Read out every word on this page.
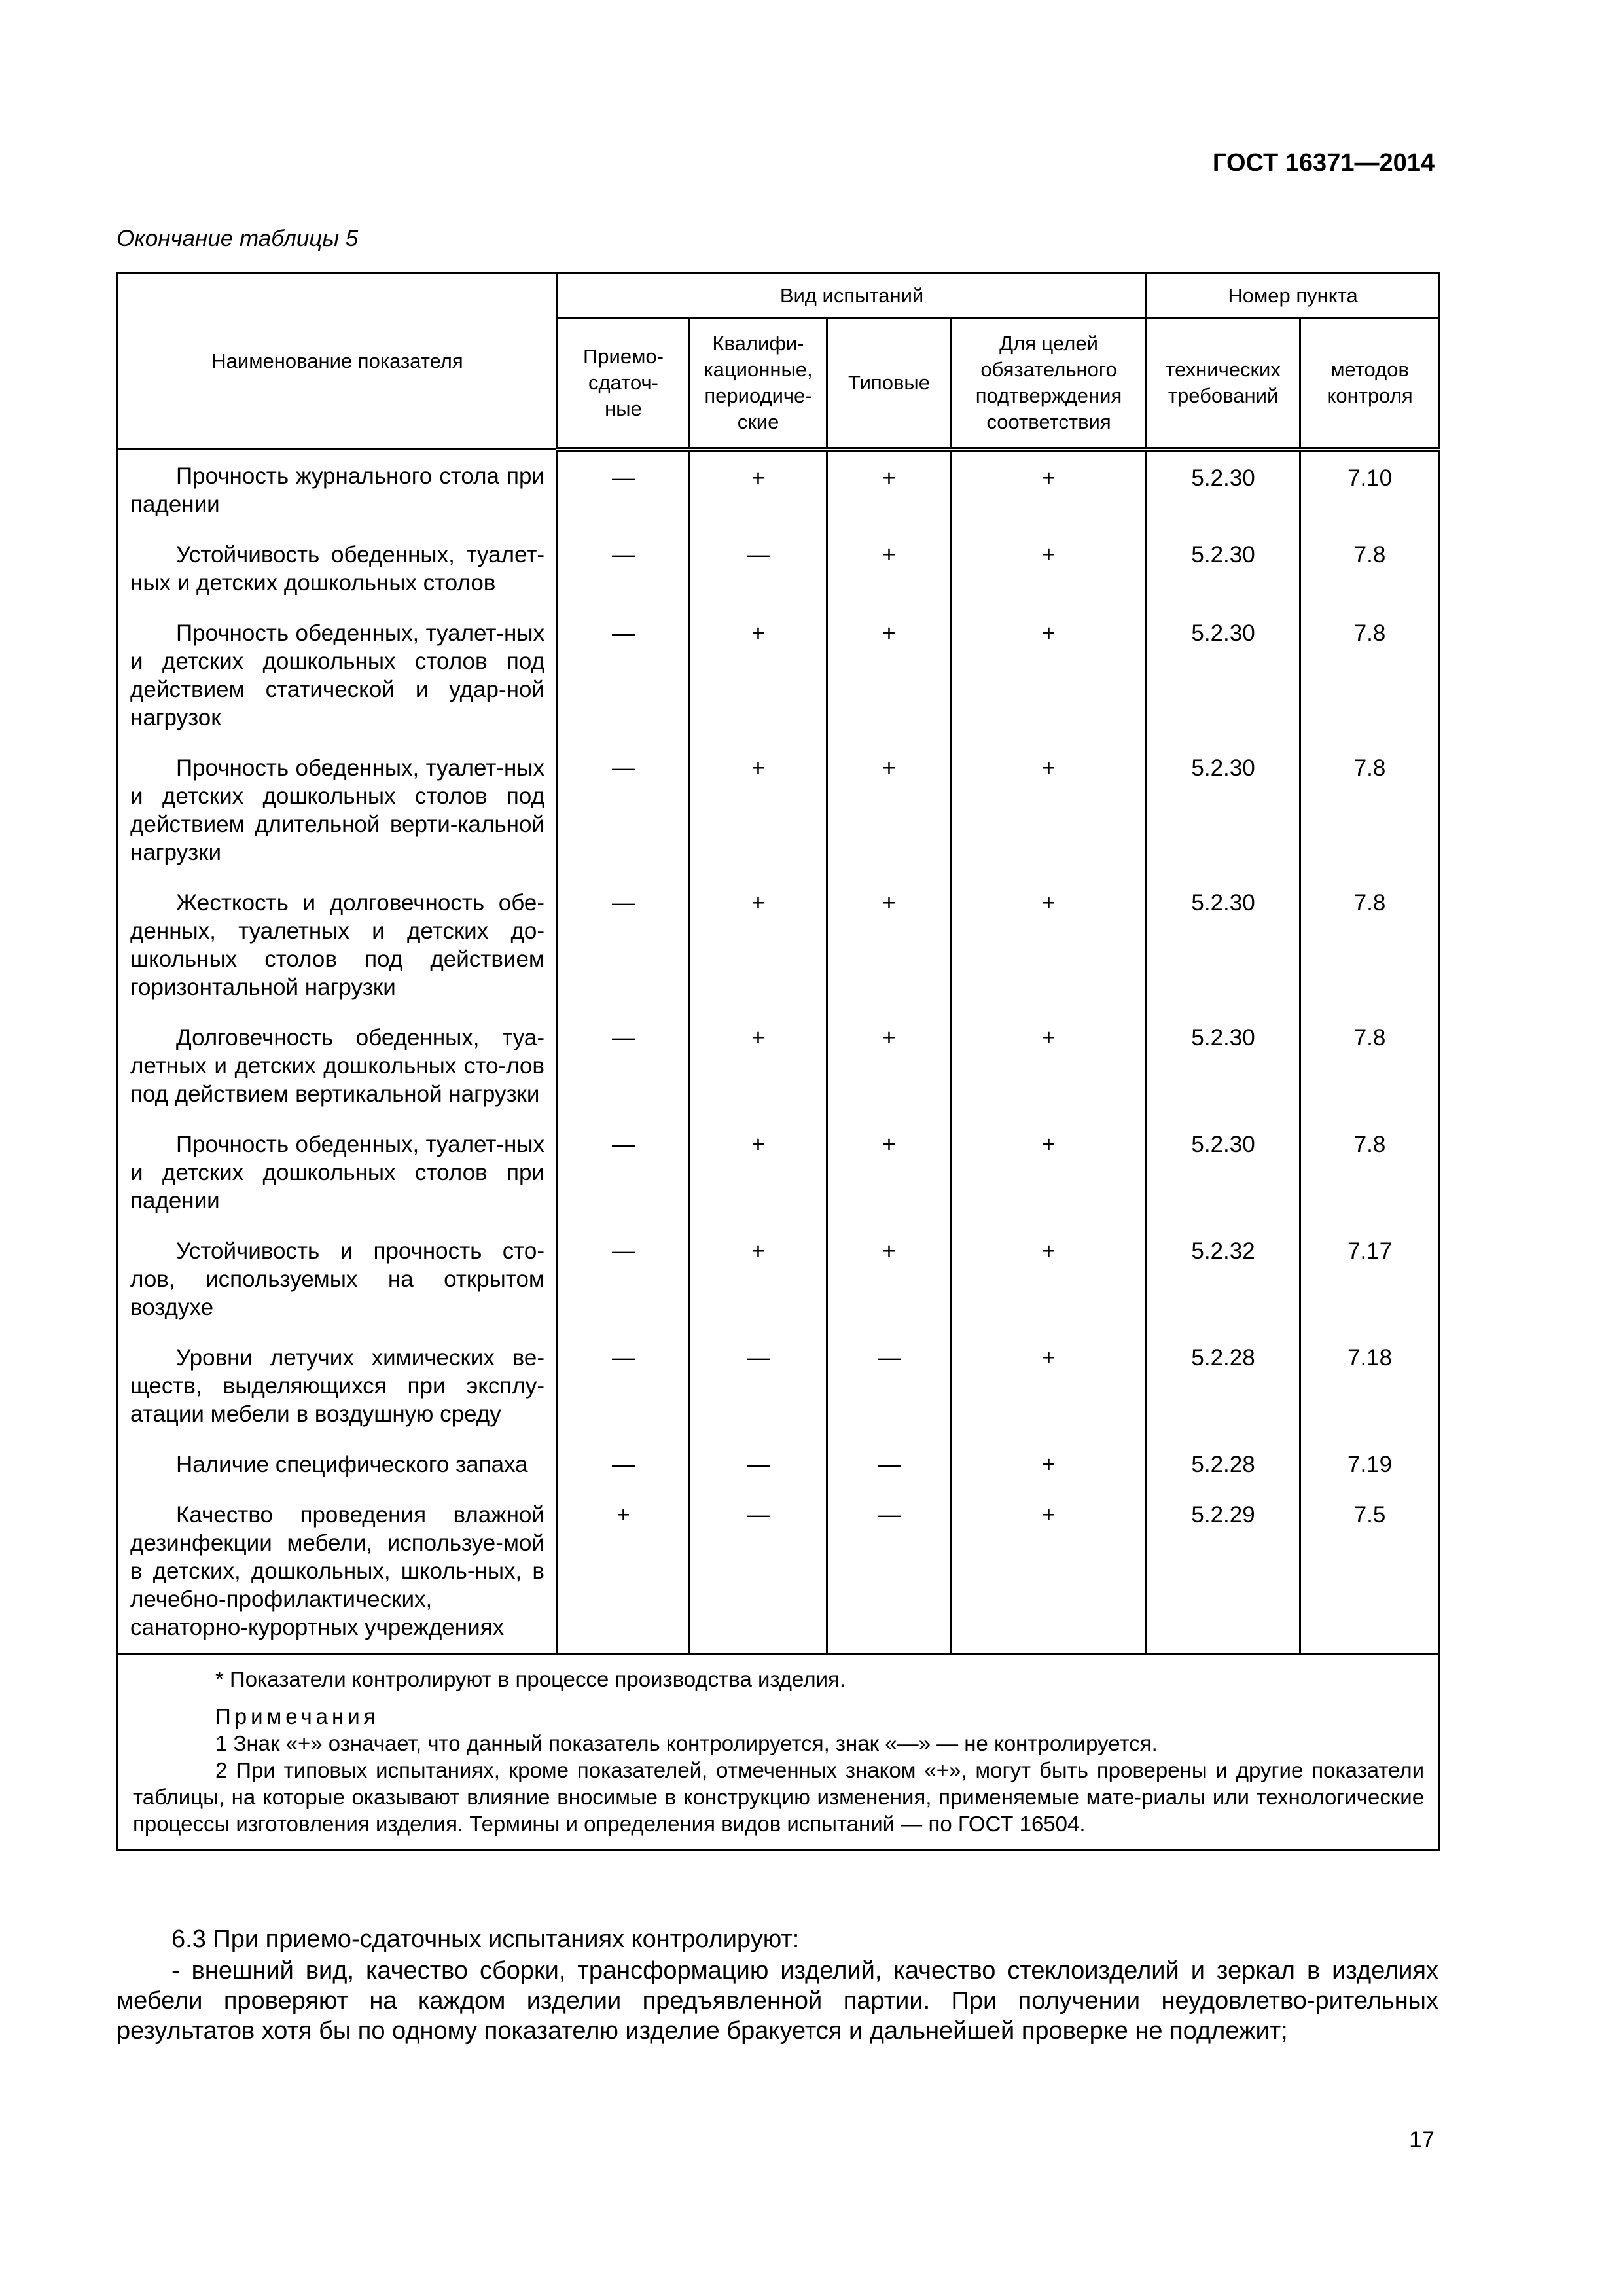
ГОСТ 16371—2014
Окончание таблицы 5
Наименование показателя	Вид испытаний				Номер пункта	
	Приемо-сдаточ-ные	Квалифи-кационные, периодиче-ские	Типовые	Для целей обязательного подтверждения соответствия	технических требований	методов контроля

Прочность журнального стола при падении	—	+	+	+	5.2.30	7.10

Устойчивость обеденных, туалет-ных и детских дошкольных столов	—	—	+	+	5.2.30	7.8

Прочность обеденных, туалет-ных и детских дошкольных столов под действием статической и удар-ной нагрузок	—	+	+	+	5.2.30	7.8

Прочность обеденных, туалет-ных и детских дошкольных столов под действием длительной верти-кальной нагрузки	—	+	+	+	5.2.30	7.8

Жесткость и долговечность обе-денных, туалетных и детских до-школьных столов под действием горизонтальной нагрузки	—	+	+	+	5.2.30	7.8

Долговечность обеденных, туа-летных и детских дошкольных сто-лов под действием вертикальной нагрузки	—	+	+	+	5.2.30	7.8

Прочность обеденных, туалет-ных и детских дошкольных столов при падении	—	+	+	+	5.2.30	7.8

Устойчивость и прочность сто-лов, используемых на открытом воздухе	—	+	+	+	5.2.32	7.17

Уровни летучих химических ве-ществ, выделяющихся при эксплу-атации мебели в воздушную среду	—	—	—	+	5.2.28	7.18

Наличие специфического запаха	—	—	—	+	5.2.28	7.19

Качество проведения влажной дезинфекции мебели, используе-мой в детских, дошкольных, школь-ных, в лечебно-профилактических, санаторно-курортных учреждениях	+	—	—	+	5.2.29	7.5

* Показатели контролируют в процессе производства изделия.
Примечания
1 Знак «+» означает, что данный показатель контролируется, знак «—» — не контролируется.
2 При типовых испытаниях, кроме показателей, отмеченных знаком «+», могут быть проверены и другие показатели таблицы, на которые оказывают влияние вносимые в конструкцию изменения, применяемые мате-риалы или технологические процессы изготовления изделия. Термины и определения видов испытаний — по ГОСТ 16504.						
6.3 При приемо-сдаточных испытаниях контролируют:
- внешний вид, качество сборки, трансформацию изделий, качество стеклоизделий и зеркал в изделиях мебели проверяют на каждом изделии предъявленной партии. При получении неудовлетво-рительных результатов хотя бы по одному показателю изделие бракуется и дальнейшей проверке не подлежит;
17
